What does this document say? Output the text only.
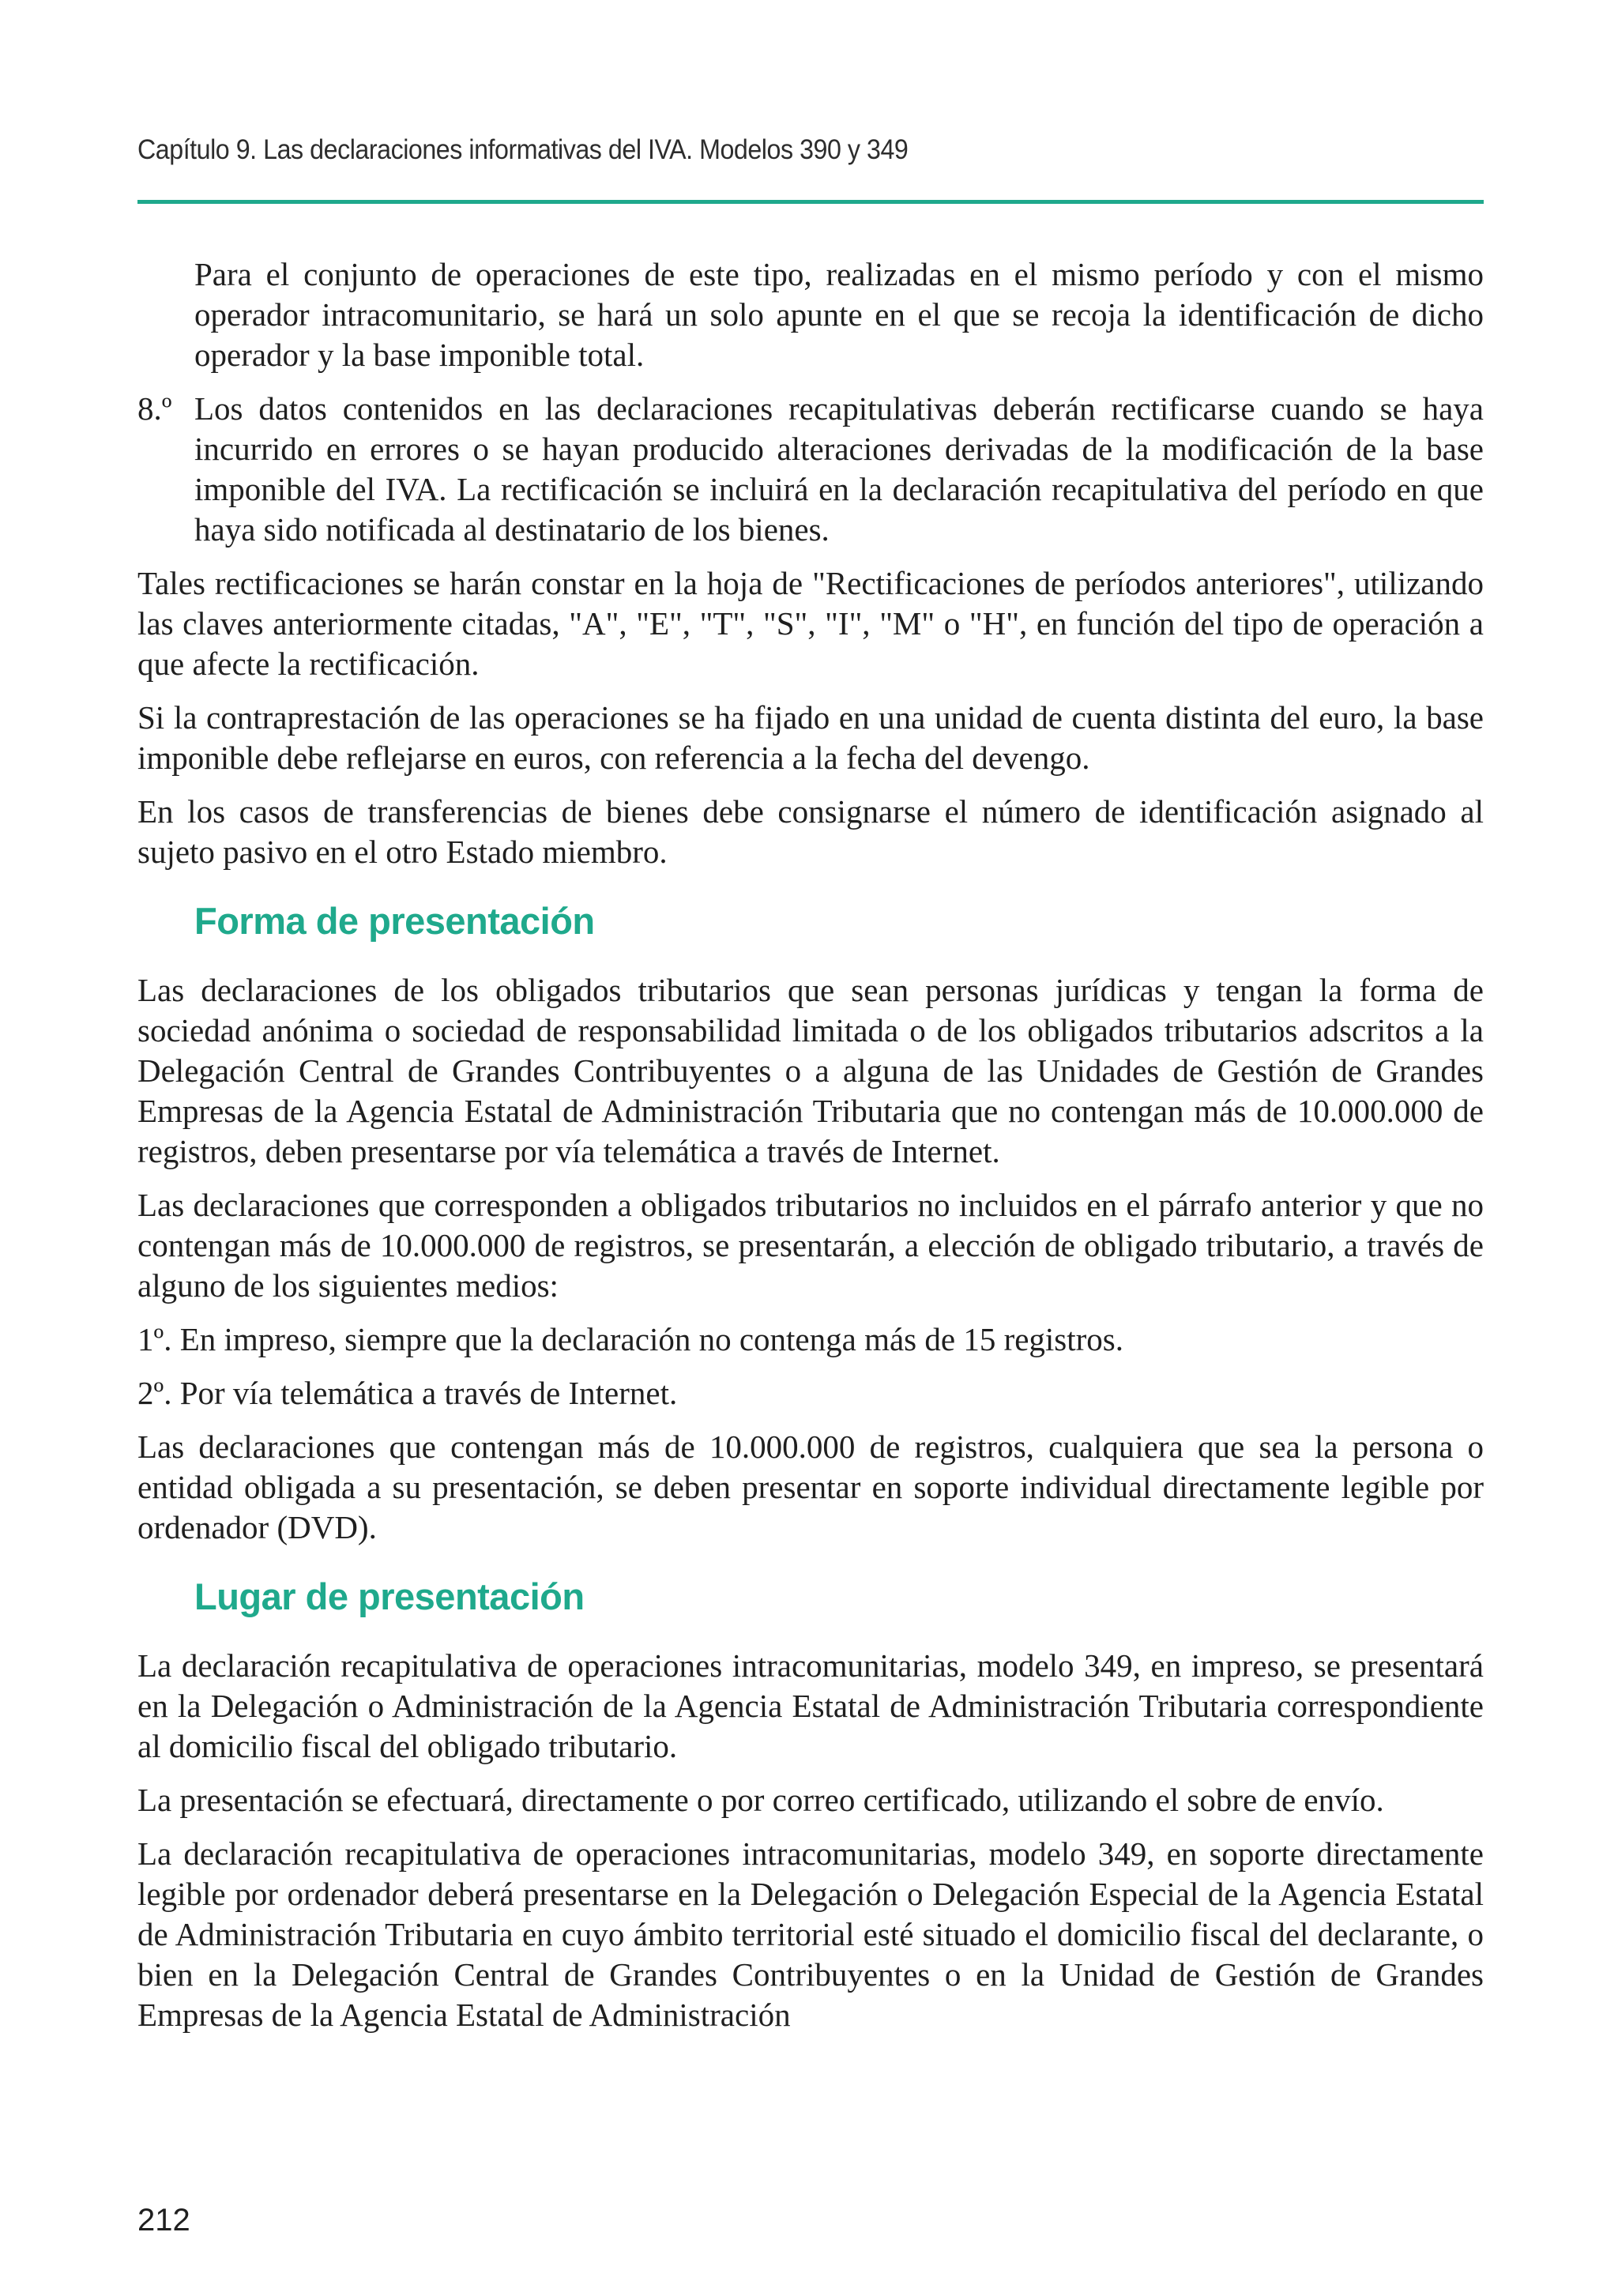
Capítulo 9. Las declaraciones informativas del IVA. Modelos 390 y 349

Para el conjunto de operaciones de este tipo, realizadas en el mismo período y con el mismo operador intracomunitario, se hará un solo apunte en el que se recoja la identificación de dicho operador y la base imponible total.

8.º Los datos contenidos en las declaraciones recapitulativas deberán rectificarse cuando se haya incurrido en errores o se hayan producido alteraciones derivadas de la modificación de la base imponible del IVA. La rectificación se incluirá en la declaración recapitulativa del período en que haya sido notificada al destinatario de los bienes.

Tales rectificaciones se harán constar en la hoja de "Rectificaciones de períodos anteriores", utilizando las claves anteriormente citadas, "A", "E", "T", "S", "I", "M" o "H", en función del tipo de operación a que afecte la rectificación.

Si la contraprestación de las operaciones se ha fijado en una unidad de cuenta distinta del euro, la base imponible debe reflejarse en euros, con referencia a la fecha del devengo.

En los casos de transferencias de bienes debe consignarse el número de identificación asignado al sujeto pasivo en el otro Estado miembro.

Forma de presentación

Las declaraciones de los obligados tributarios que sean personas jurídicas y tengan la forma de sociedad anónima o sociedad de responsabilidad limitada o de los obligados tributarios adscritos a la Delegación Central de Grandes Contribuyentes o a alguna de las Unidades de Gestión de Grandes Empresas de la Agencia Estatal de Administración Tributaria que no contengan más de 10.000.000 de registros, deben presentarse por vía telemática a través de Internet.

Las declaraciones que corresponden a obligados tributarios no incluidos en el párrafo anterior y que no contengan más de 10.000.000 de registros, se presentarán, a elección de obligado tributario, a través de alguno de los siguientes medios:

1º. En impreso, siempre que la declaración no contenga más de 15 registros.

2º. Por vía telemática a través de Internet.

Las declaraciones que contengan más de 10.000.000 de registros, cualquiera que sea la persona o entidad obligada a su presentación, se deben presentar en soporte individual directamente legible por ordenador (DVD).

Lugar de presentación

La declaración recapitulativa de operaciones intracomunitarias, modelo 349, en impreso, se presentará en la Delegación o Administración de la Agencia Estatal de Administración Tributaria correspondiente al domicilio fiscal del obligado tributario.

La presentación se efectuará, directamente o por correo certificado, utilizando el sobre de envío.

La declaración recapitulativa de operaciones intracomunitarias, modelo 349, en soporte directamente legible por ordenador deberá presentarse en la Delegación o Delegación Especial de la Agencia Estatal de Administración Tributaria en cuyo ámbito territorial esté situado el domicilio fiscal del declarante, o bien en la Delegación Central de Grandes Contribuyentes o en la Unidad de Gestión de Grandes Empresas de la Agencia Estatal de Administración

212
